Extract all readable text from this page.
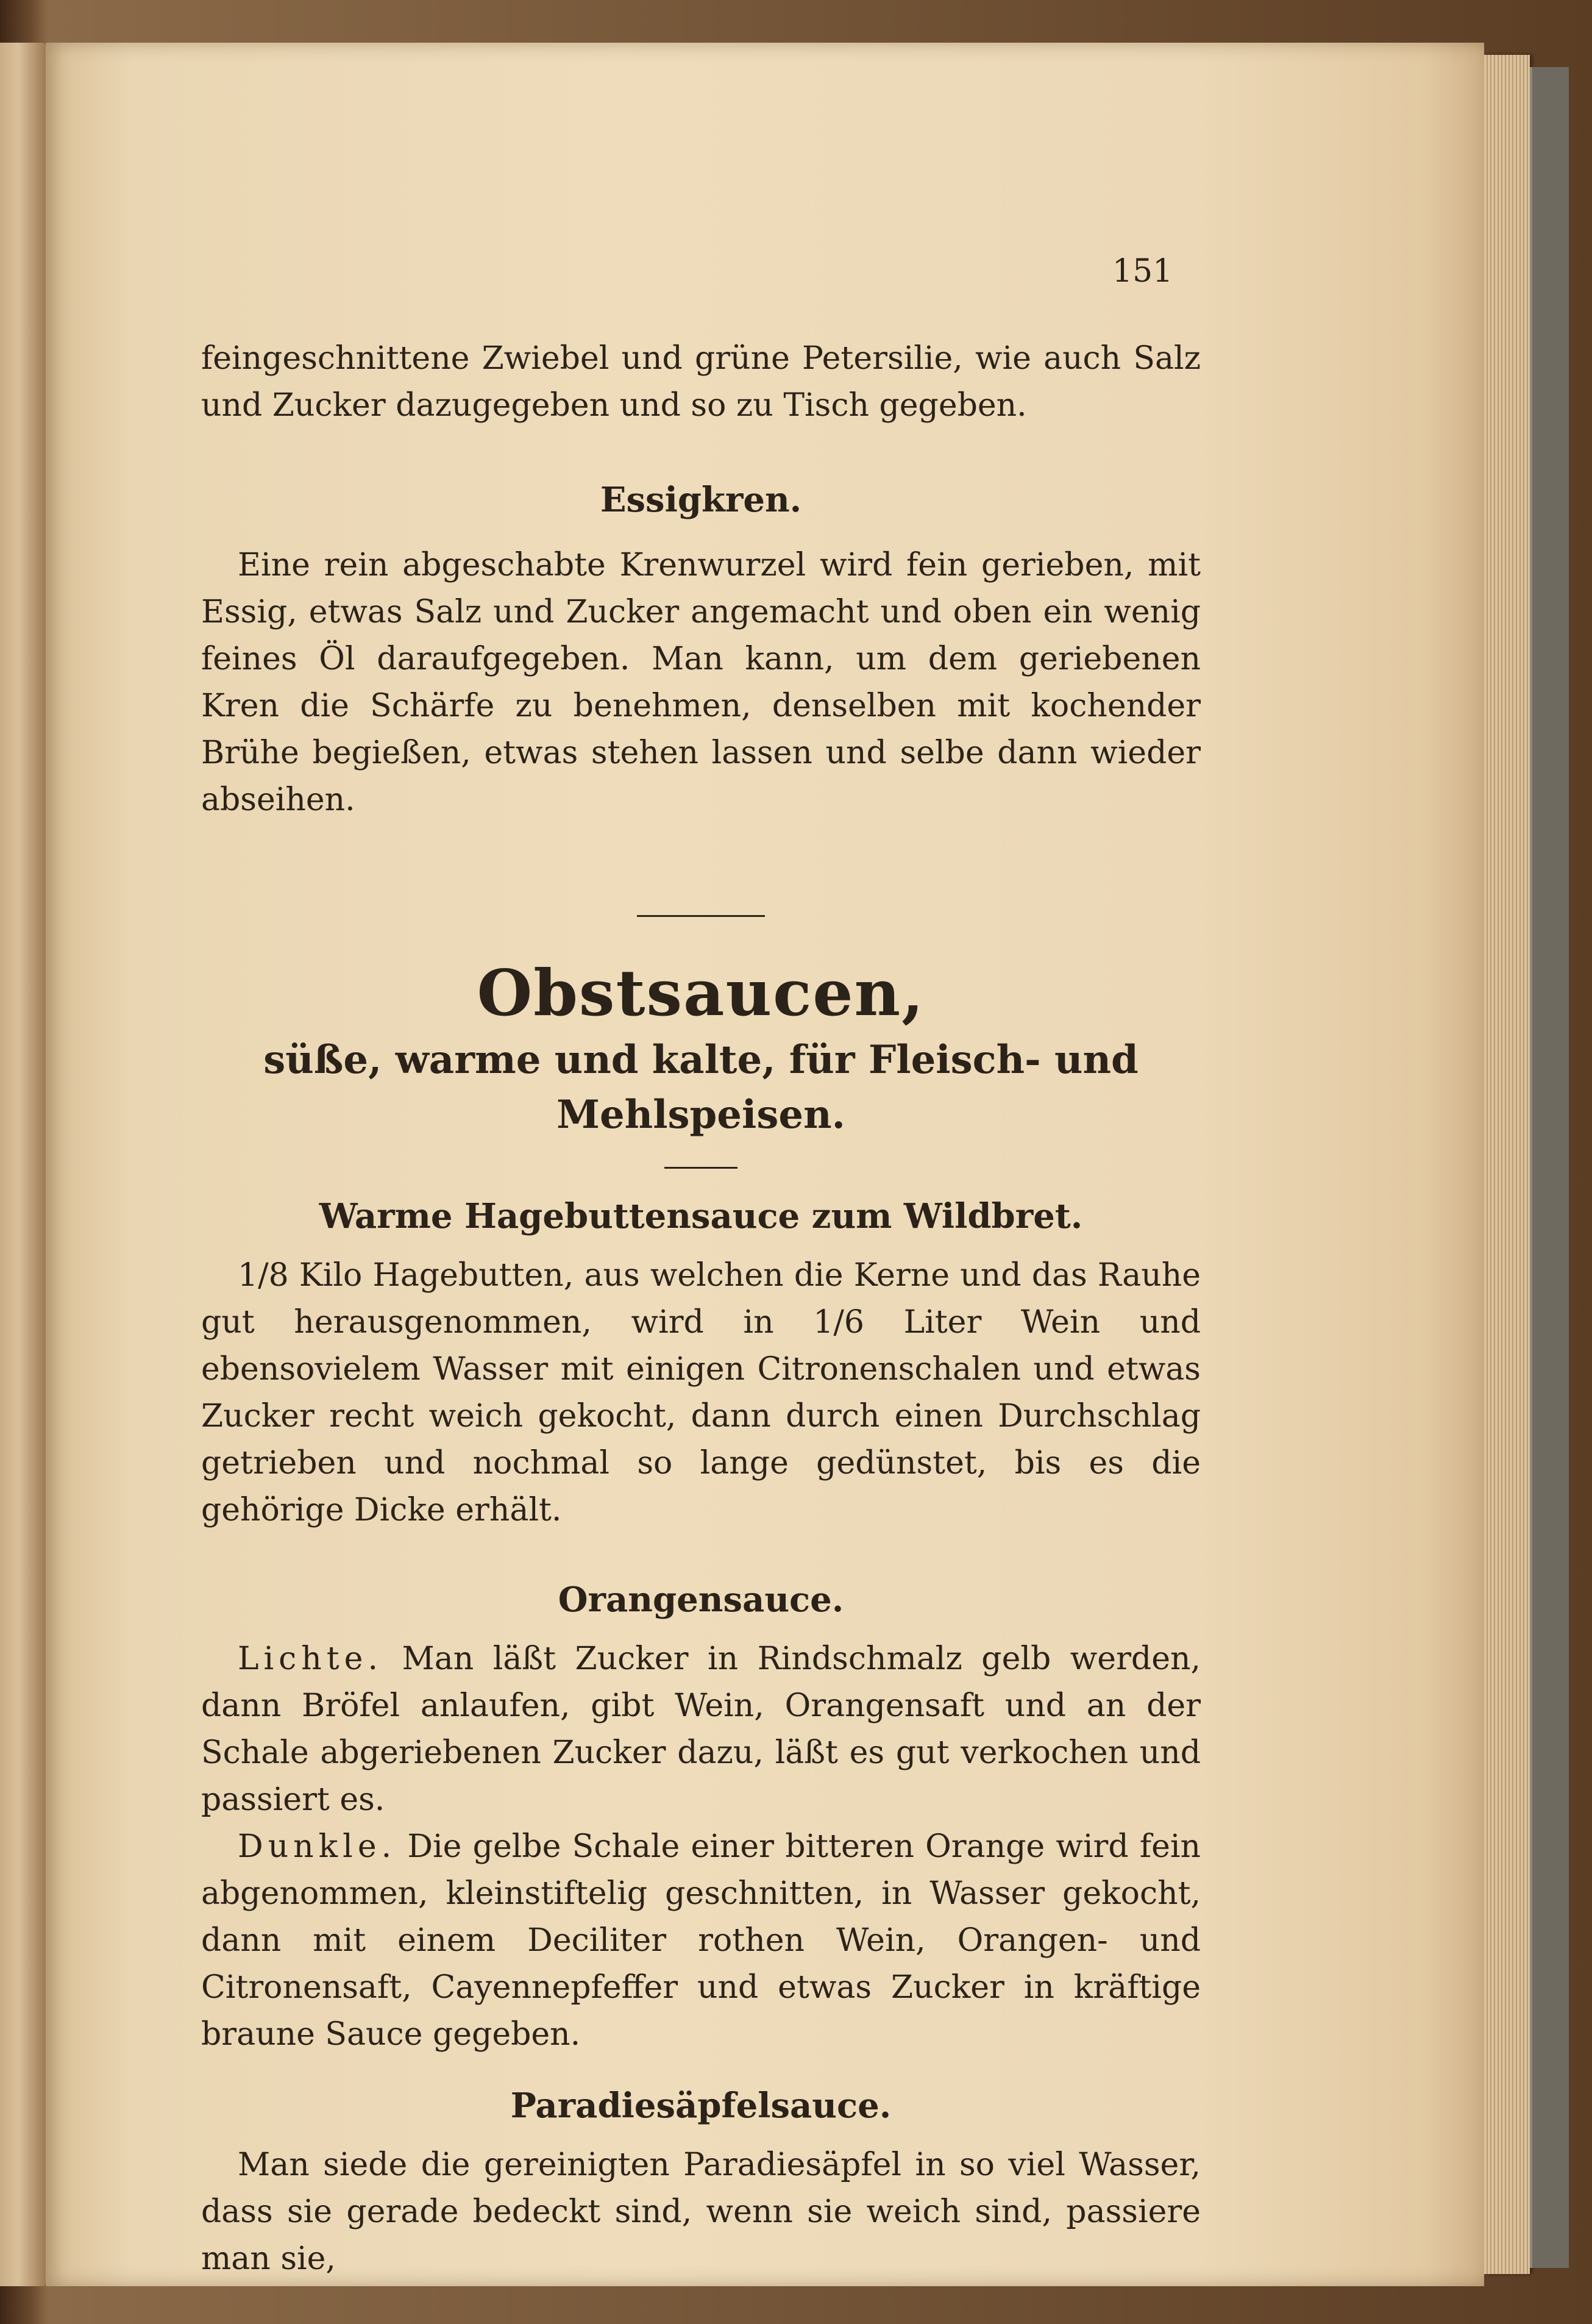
151

feingeschnittene Zwiebel und grüne Petersilie, wie auch Salz und Zucker dazugegeben und so zu Tisch gegeben.

Essigkren.

Eine rein abgeschabte Krenwurzel wird fein gerieben, mit Essig, etwas Salz und Zucker angemacht und oben ein wenig feines Öl daraufgegeben. Man kann, um dem geriebenen Kren die Schärfe zu benehmen, denselben mit kochender Brühe begießen, etwas stehen lassen und selbe dann wieder abseihen.

Obstsaucen,
süße, warme und kalte, für Fleisch- und Mehlspeisen.
Warme Hagebuttensauce zum Wildbret.

1/8 Kilo Hagebutten, aus welchen die Kerne und das Rauhe gut herausgenommen, wird in 1/6 Liter Wein und ebensovielem Wasser mit einigen Citronenschalen und etwas Zucker recht weich gekocht, dann durch einen Durchschlag getrieben und nochmal so lange gedünstet, bis es die gehörige Dicke erhält.

Orangensauce.

Lichte. Man läßt Zucker in Rindschmalz gelb werden, dann Bröfel anlaufen, gibt Wein, Orangensaft und an der Schale abgeriebenen Zucker dazu, läßt es gut verkochen und passiert es.

Dunkle. Die gelbe Schale einer bitteren Orange wird fein abgenommen, kleinstiftelig geschnitten, in Wasser gekocht, dann mit einem Deciliter rothen Wein, Orangen- und Citronensaft, Cayennepfeffer und etwas Zucker in kräftige braune Sauce gegeben.

Paradiesäpfelsauce.

Man siede die gereinigten Paradiesäpfel in so viel Wasser, dass sie gerade bedeckt sind, wenn sie weich sind, passiere man sie,
